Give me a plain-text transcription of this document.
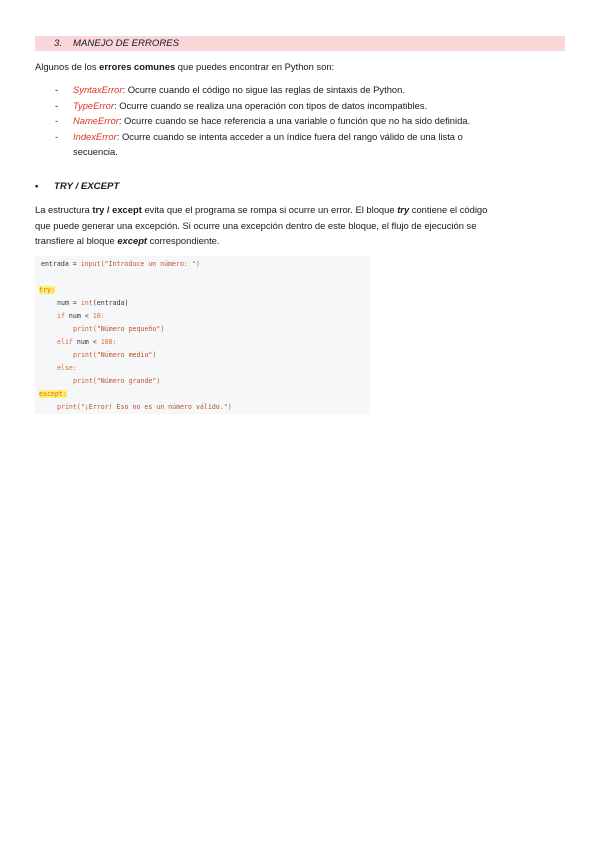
3. MANEJO DE ERRORES
Algunos de los errores comunes que puedes encontrar en Python son:
- SyntaxError: Ocurre cuando el código no sigue las reglas de sintaxis de Python.
- TypeError: Ocurre cuando se realiza una operación con tipos de datos incompatibles.
- NameError: Ocurre cuando se hace referencia a una variable o función que no ha sido definida.
- IndexError: Ocurre cuando se intenta acceder a un índice fuera del rango válido de una lista o
secuencia.
• TRY / EXCEPT
La estructura try / except evita que el programa se rompa si ocurre un error. El bloque try contiene el código
que puede generar una excepción. Si ocurre una excepción dentro de este bloque, el flujo de ejecución se
transfiere al bloque except correspondiente.
entrada = input("Introduce un número: ")
try:
num = int(entrada)
if num < 10:
print("Número pequeño")
elif num < 100:
print("Número medio")
else:
print("Número grande")
except:
print("¡Error! Eso no es un número válido.")
